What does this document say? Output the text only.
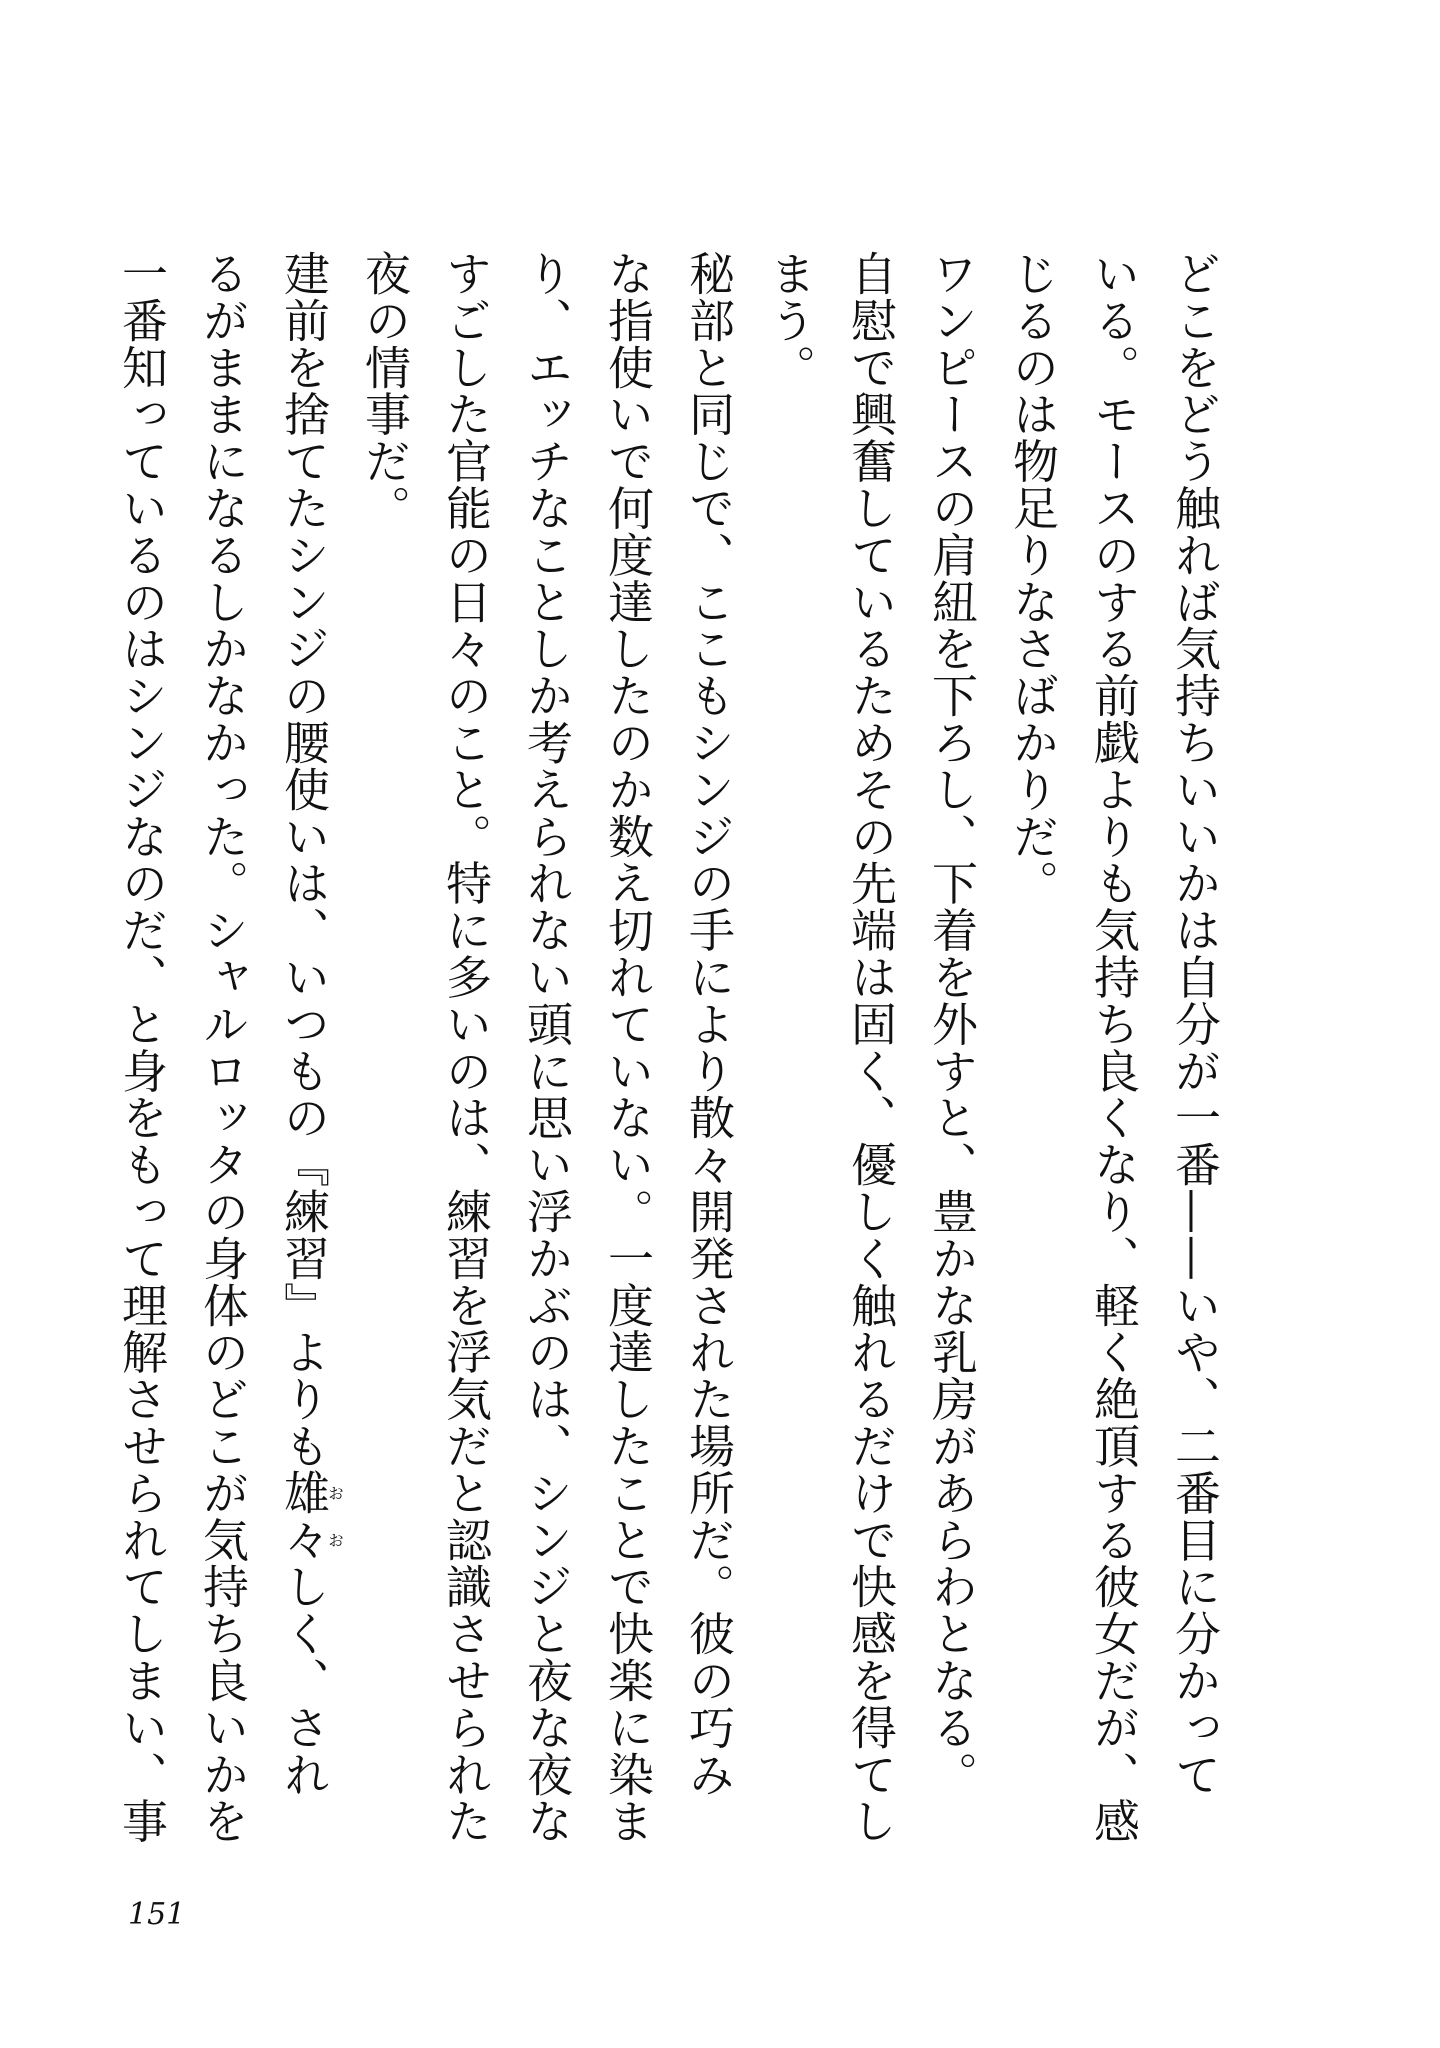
どこをどう触れば気持ちいいかは自分が一番——いや、二番目に分かって
いる。モースのする前戯よりも気持ち良くなり、軽く絶頂する彼女だが、感
じるのは物足りなさばかりだ。
ワンピースの肩紐を下ろし、下着を外すと、豊かな乳房があらわとなる。
自慰で興奮しているためその先端は固く、優しく触れるだけで快感を得てし
まう。
秘部と同じで、ここもシンジの手により散々開発された場所だ。彼の巧み
な指使いで何度達したのか数え切れていない。一度達したことで快楽に染ま
り、エッチなことしか考えられない頭に思い浮かぶのは、シンジと夜な夜な
すごした官能の日々のこと。特に多いのは、練習を浮気だと認識させられた
夜の情事だ。
建前を捨てたシンジの腰使いは、いつもの『練習』よりも雄々おおしく、され
るがままになるしかなかった。シャルロッタの身体のどこが気持ち良いかを
一番知っているのはシンジなのだ、と身をもって理解させられてしまい、事
151
